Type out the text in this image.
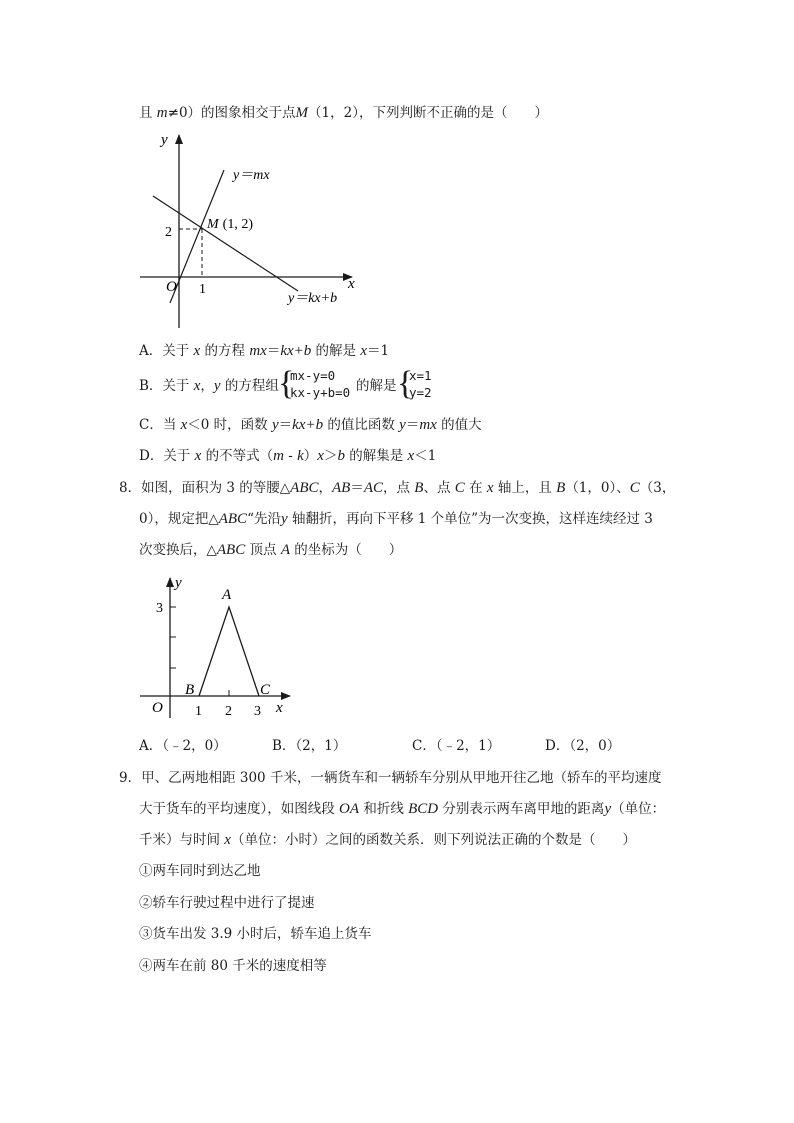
且 m≠0）的图象相交于点M（1，2），下列判断不正确的是（　　）
y
x
O 1
2
M (1, 2)
y＝mx
y＝kx+b
A．关于 x 的方程 mx＝kx+b 的解是 x＝1
B．关于 x，y 的方程组 {
mx-y=0
kx-y+b=0 的解是 {
x=1
y=2
C．当 x＜0 时，函数 y＝kx+b 的值比函数 y＝mx 的值大
D．关于 x 的不等式（m - k）x＞b 的解集是 x＜1
8．如图，面积为 3 的等腰△ABC，AB＝AC，点 B、点 C 在 x 轴上，且 B（1，0）、C（3，
0），规定把△ABC“先沿y 轴翻折，再向下平移 1 个单位”为一次变换，这样连续经过 3
次变换后，△ABC 顶点 A 的坐标为（　　）
y
x
O
3
1 2 3
A
B	C
A．（﹣2，0）	B．（2，1）	C．（﹣2，1）	D．（2，0）
9．甲、乙两地相距 300 千米，一辆货车和一辆轿车分别从甲地开往乙地（轿车的平均速度
大于货车的平均速度），如图线段 OA 和折线 BCD 分别表示两车离甲地的距离y（单位：
千米）与时间 x（单位：小时）之间的函数关系．则下列说法正确的个数是（　　）
①两车同时到达乙地
②轿车行驶过程中进行了提速
③货车出发 3.9 小时后，轿车追上货车
④两车在前 80 千米的速度相等
